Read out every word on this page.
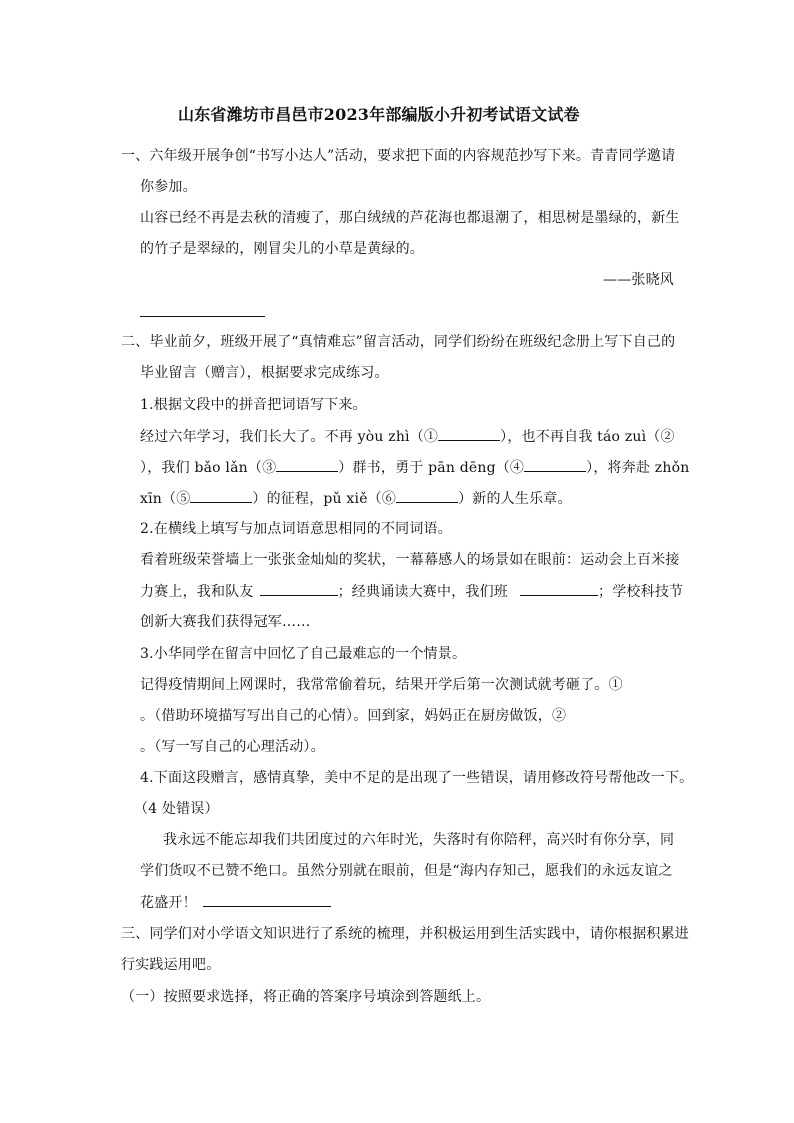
山东省潍坊市昌邑市2023年部编版小升初考试语文试卷
一、六年级开展争创“书写小达人”活动，要求把下面的内容规范抄写下来。青青同学邀请
你参加。
山容已经不再是去秋的清瘦了，那白绒绒的芦花海也都退潮了，相思树是墨绿的，新生
的竹子是翠绿的，刚冒尖儿的小草是黄绿的。
——张晓风
二、毕业前夕，班级开展了“真情难忘”留言活动，同学们纷纷在班级纪念册上写下自己的
毕业留言（赠言），根据要求完成练习。
1.根据文段中的拼音把词语写下来。
经过六年学习，我们长大了。不再 yòu zhì（①	），也不再自我 táo zuì（②
），我们 bǎo lǎn（③	）群书，勇于 pān dēng（④	），将奔赴 zhǒn
xīn（⑤	）的征程，pǔ xiě（⑥	）新的人生乐章。
2.在横线上填写与加点词语意思相同的不同词语。
看着班级荣誉墙上一张张金灿灿的奖状，一幕幕感人的场景如在眼前：运动会上百米接
力赛上，我和队友	；经典诵读大赛中，我们班	；学校科技节
创新大赛我们获得冠军……
3.小华同学在留言中回忆了自己最难忘的一个情景。
记得疫情期间上网课时，我常常偷着玩，结果开学后第一次测试就考砸了。①
。（借助环境描写写出自己的心情）。回到家，妈妈正在厨房做饭，②
。（写一写自己的心理活动）。
4.下面这段赠言，感情真挚，美中不足的是出现了一些错误，请用修改符号帮他改一下。
（4 处错误）
我永远不能忘却我们共团度过的六年时光，失落时有你陪秤，高兴时有你分享，同
学们货叹不已赞不绝口。虽然分别就在眼前，但是“海内存知己，愿我们的永远友谊之
花盛开！
三、同学们对小学语文知识进行了系统的梳理，并积极运用到生活实践中，请你根据积累进
行实践运用吧。
（一）按照要求选择，将正确的答案序号填涂到答题纸上。
